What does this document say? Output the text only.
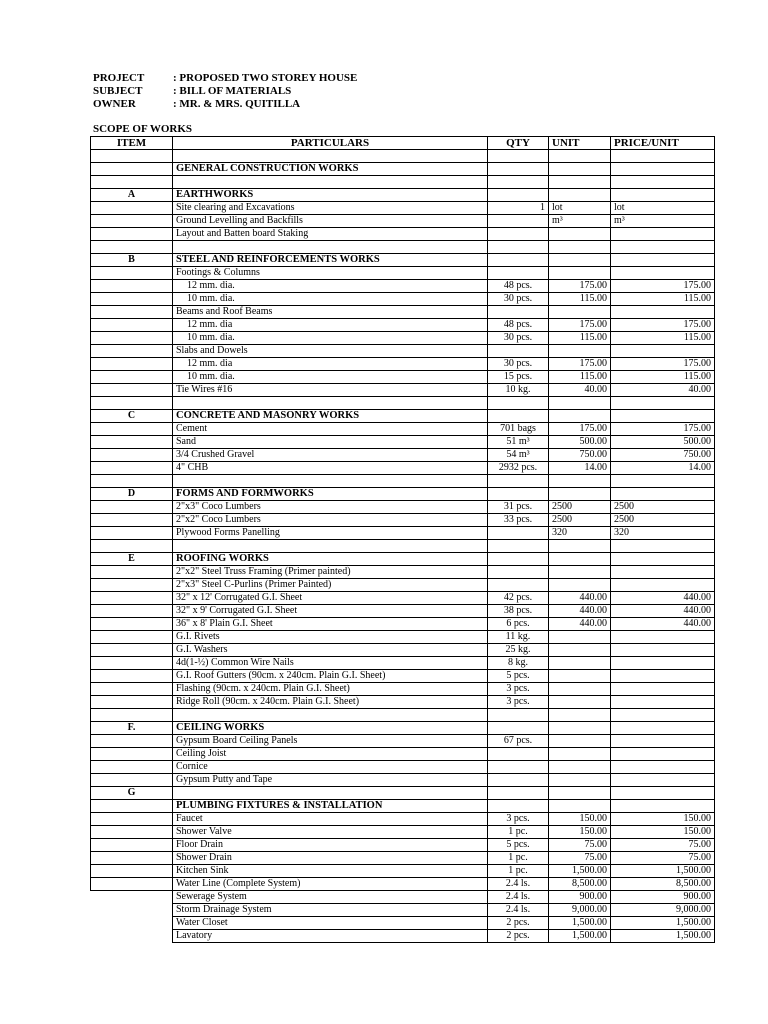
PROJECT	: PROPOSED TWO STOREY HOUSE
SUBJECT	: BILL OF MATERIALS
OWNER	: MR. & MRS. QUITILLA
SCOPE OF WORKS
ITEM	PARTICULARS	QTY	UNIT	PRICE/UNIT

	GENERAL CONSTRUCTION WORKS			

A	EARTHWORKS			
	Site clearing and Excavations	1	lot	lot
	Ground Levelling and Backfills		m³	m³
	Layout and Batten board Staking			

B	STEEL AND REINFORCEMENTS WORKS			
	Footings & Columns			
	12 mm. dia.	48 pcs.	175.00	175.00
	10 mm. dia.	30 pcs.	115.00	115.00
	Beams and Roof Beams			
	12 mm. dia	48 pcs.	175.00	175.00
	10 mm. dia.	30 pcs.	115.00	115.00
	Slabs and Dowels			
	12 mm. dia	30 pcs.	175.00	175.00
	10 mm. dia.	15 pcs.	115.00	115.00
	Tie Wires #16	10 kg.	40.00	40.00

C	CONCRETE AND MASONRY WORKS			
	Cement	701 bags	175.00	175.00
	Sand	51 m³	500.00	500.00
	3/4 Crushed Gravel	54 m³	750.00	750.00
	4" CHB	2932 pcs.	14.00	14.00

D	FORMS AND FORMWORKS			
	2"x3" Coco Lumbers	31 pcs.	2500	2500
	2"x2" Coco Lumbers	33 pcs.	2500	2500
	Plywood Forms Panelling		320	320

E	ROOFING WORKS			
	2"x2" Steel Truss Framing (Primer painted)			
	2"x3" Steel C-Purlins (Primer Painted)			
	32" x 12' Corrugated G.I. Sheet	42 pcs.	440.00	440.00
	32" x 9' Corrugated G.I. Sheet	38 pcs.	440.00	440.00
	36" x 8' Plain G.I. Sheet	6 pcs.	440.00	440.00
	G.I. Rivets	11 kg.		
	G.I. Washers	25 kg.		
	4d(1-½) Common Wire Nails	8 kg.		
	G.I. Roof Gutters (90cm. x 240cm. Plain G.I. Sheet)	5 pcs.		
	Flashing (90cm. x 240cm. Plain G.I. Sheet)	3 pcs.		
	Ridge Roll (90cm. x 240cm. Plain G.I. Sheet)	3 pcs.		

F.	CEILING WORKS			
	Gypsum Board Ceiling Panels	67 pcs.		
	Ceiling Joist			
	Cornice			
	Gypsum Putty and Tape			
G				
	PLUMBING FIXTURES & INSTALLATION			
	Faucet	3 pcs.	150.00	150.00
	Shower Valve	1 pc.	150.00	150.00
	Floor Drain	5 pcs.	75.00	75.00
	Shower Drain	1 pc.	75.00	75.00
	Kitchen Sink	1 pc.	1,500.00	1,500.00
	Water Line (Complete System)	2.4 ls.	8,500.00	8,500.00
	Sewerage System	2.4 ls.	900.00	900.00
	Storm Drainage System	2.4 ls.	9,000.00	9,000.00
	Water Closet	2 pcs.	1,500.00	1,500.00
	Lavatory	2 pcs.	1,500.00	1,500.00
